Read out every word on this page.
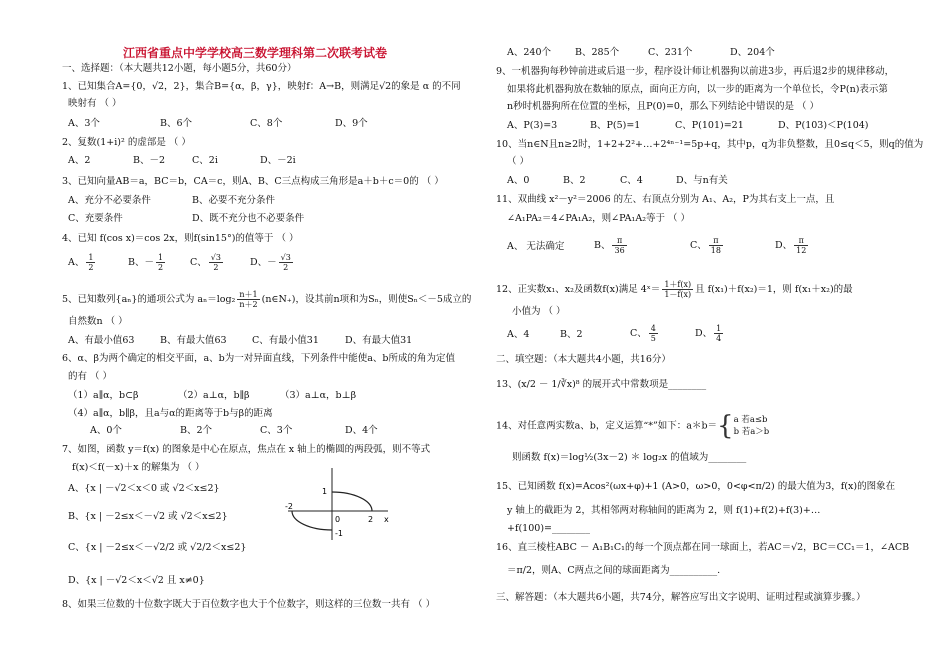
江西省重点中学学校高三数学理科第二次联考试卷
一、选择题：（本大题共12小题，每小题5分，共60分）
1、已知集合A={0，√2，2}，集合B={α，β，γ}，映射f：A→B，则满足√2的象是 α 的不同
映射有 （ ）
A、3个	B、6个	C、8个	D、9个
2、复数(1+i)² 的虚部是 （ ）
A、2	B、－2	C、2i	D、－2i
3、已知向量AB＝a，BC＝b，CA＝c，则A、B、C三点构成三角形是a＋b＋c＝0的 （ ）
A、充分不必要条件	B、必要不充分条件
C、充要条件	D、既不充分也不必要条件
4、已知 f(cos x)＝cos 2x，则f(sin15°)的值等于 （ ）
A、 $\frac{1}{2}$	B、－ $\frac{1}{2}$	C、 $\frac{√3}{2}$	D、－ $\frac{√3}{2}$
5、已知数列{aₙ}的通项公式为 $a_n=\log_2 \frac{n+1}{n+2}$ (n∈N₊)，设其前n项和为Sₙ，则使Sₙ＜－5成立的
自然数n （ ）
A、有最小值63	B、有最大值63	C、有最小值31	D、有最大值31
6、α、β为两个确定的相交平面，a、b为一对异面直线，下列条件中能使a、b所成的角为定值
的有 （ ）
（1）a∥α，b⊂β	（2）a⊥α，b∥β	（3）a⊥α，b⊥β
（4）a∥α，b∥β，且a与α的距离等于b与β的距离
A、0个	B、2个	C、3个	D、4个
7、如图，函数 y＝f(x) 的图象是中心在原点，焦点在 x 轴上的椭圆的两段弧，则不等式
f(x)＜f(－x)＋x 的解集为 （ ）
A、{x | －√2＜x＜0 或 √2＜x≤2}
B、{x | －2≤x＜－√2 或 √2＜x≤2}
C、{x | －2≤x＜－√2/2 或 √2/2＜x≤2}
D、{x | －√2＜x＜√2 且 x≠0}
1
-2
0	2 x
-1
8、如果三位数的十位数字既大于百位数字也大于个位数字，则这样的三位数一共有 （ ）
A、240个	B、285个	C、231个	D、204个
9、一机器狗每秒钟前进或后退一步，程序设计师让机器狗以前进3步，再后退2步的规律移动，
如果将此机器狗放在数轴的原点，面向正方向，以一步的距离为一个单位长，令P(n)表示第
n秒时机器狗所在位置的坐标，且P(0)=0，那么下列结论中错误的是 （ ）
A、P(3)=3	B、P(5)=1	C、P(101)=21	D、P(103)＜P(104)
10、当n∈N且n≥2时，1+2+2²+…+2⁴ⁿ⁻¹=5p+q，其中p，q为非负整数，且0≤q＜5，则q的值为
（ ）
A、0	B、2	C、4	D、与n有关
11、双曲线 x²－y²＝2006 的左、右顶点分别为 A₁、A₂，P为其右支上一点，且
∠A₁PA₂＝4∠PA₁A₂，则∠PA₁A₂等于 （ ）
A、 无法确定	B、 $\frac{\pi}{36}$	C、 $\frac{\pi}{18}$	D、 $\frac{\pi}{12}$
12、正实数x₁、x₂及函数f(x)满足 4ˣ＝ $\frac{1+f(x)}{1-f(x)}$ 且 f(x₁)＋f(x₂)＝1，则 f(x₁＋x₂)的最
小值为 （ ）
A、4	B、2	C、 $\frac{4}{5}$	D、 $\frac{1}{4}$
二、填空题：（本大题共4小题，共16分）
13、(x/2 － 1/∛x)⁸ 的展开式中常数项是________
14、对任意两实数a、b，定义运算“*”如下：a＊b＝{ a 若a≤b
b 若a＞b
则函数 f(x)＝log½(3x－2) ＊ log₂x 的值域为________
15、已知函数 f(x)=Acos²(ωx+φ)+1 (A>0，ω>0，0<φ<π/2) 的最大值为3，f(x)的图象在
y 轴上的截距为 2，其相邻两对称轴间的距离为 2，则 f(1)+f(2)+f(3)+…
+f(100)=________
16、直三棱柱ABC － A₁B₁C₁的每一个顶点都在同一球面上，若AC＝√2，BC＝CC₁＝1，∠ACB
＝π/2，则A、C两点之间的球面距离为__________.
三、解答题：（本大题共6小题，共74分，解答应写出文字说明、证明过程或演算步骤。）
